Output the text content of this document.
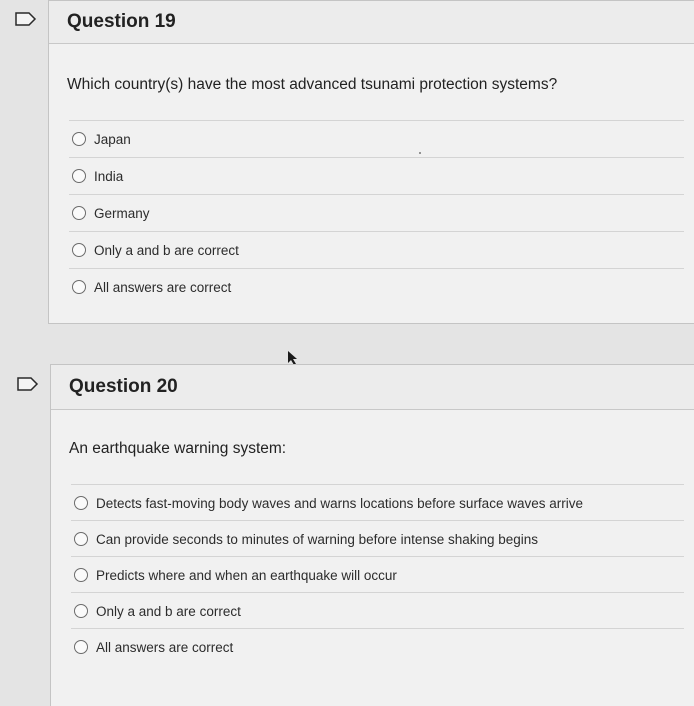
Question 19
Which country(s) have the most advanced tsunami protection systems?
Japan
India
Germany
Only a and b are correct
All answers are correct
Question 20
An earthquake warning system:
Detects fast-moving body waves and warns locations before surface waves arrive
Can provide seconds to minutes of warning before intense shaking begins
Predicts where and when an earthquake will occur
Only a and b are correct
All answers are correct
